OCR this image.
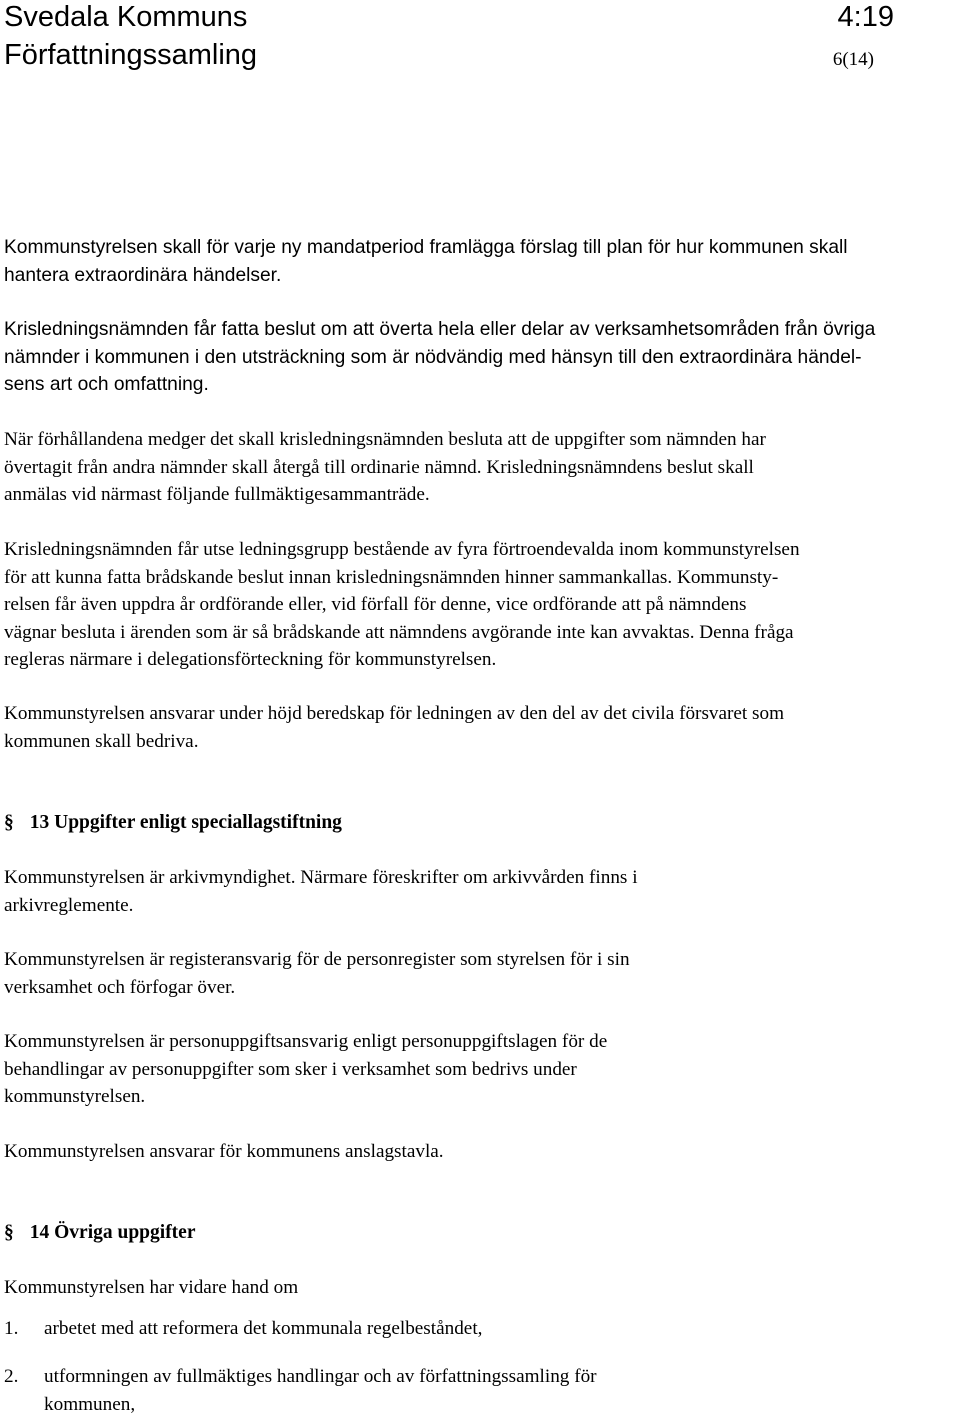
Svedala Kommuns
Författningssamling
4:19
6(14)
Kommunstyrelsen skall för varje ny mandatperiod framlägga förslag till plan för hur kommunen skall
hantera extraordinära händelser.
Krisledningsnämnden får fatta beslut om att överta hela eller delar av verksamhetsområden från övriga
nämnder i kommunen i den utsträckning som är nödvändig med hänsyn till den extraordinära händel-
sens art och omfattning.
När förhållandena medger det skall krisledningsnämnden besluta att de uppgifter som nämnden har
övertagit från andra nämnder skall återgå till ordinarie nämnd. Krisledningsnämndens beslut skall
anmälas vid närmast följande fullmäktigesammanträde.
Krisledningsnämnden får utse ledningsgrupp bestående av fyra förtroendevalda inom kommunstyrelsen
för att kunna fatta brådskande beslut innan krisledningsnämnden hinner sammankallas. Kommunsty-
relsen får även uppdra år ordförande eller, vid förfall för denne, vice ordförande att på nämndens
vägnar besluta i ärenden som är så brådskande att nämndens avgörande inte kan avvaktas. Denna fråga
regleras närmare i delegationsförteckning för kommunstyrelsen.
Kommunstyrelsen ansvarar under höjd beredskap för ledningen av den del av det civila försvaret som
kommunen skall bedriva.
§ 13 Uppgifter enligt speciallagstiftning
Kommunstyrelsen är arkivmyndighet. Närmare föreskrifter om arkivvården finns i
arkivreglemente.
Kommunstyrelsen är registeransvarig för de personregister som styrelsen för i sin
verksamhet och förfogar över.
Kommunstyrelsen är personuppgiftsansvarig enligt personuppgiftslagen för de
behandlingar av personuppgifter som sker i verksamhet som bedrivs under
kommunstyrelsen.
Kommunstyrelsen ansvarar för kommunens anslagstavla.
§ 14 Övriga uppgifter
Kommunstyrelsen har vidare hand om
1. arbetet med att reformera det kommunala regelbeståndet,
2. utformningen av fullmäktiges handlingar och av författningssamling för
kommunen,
